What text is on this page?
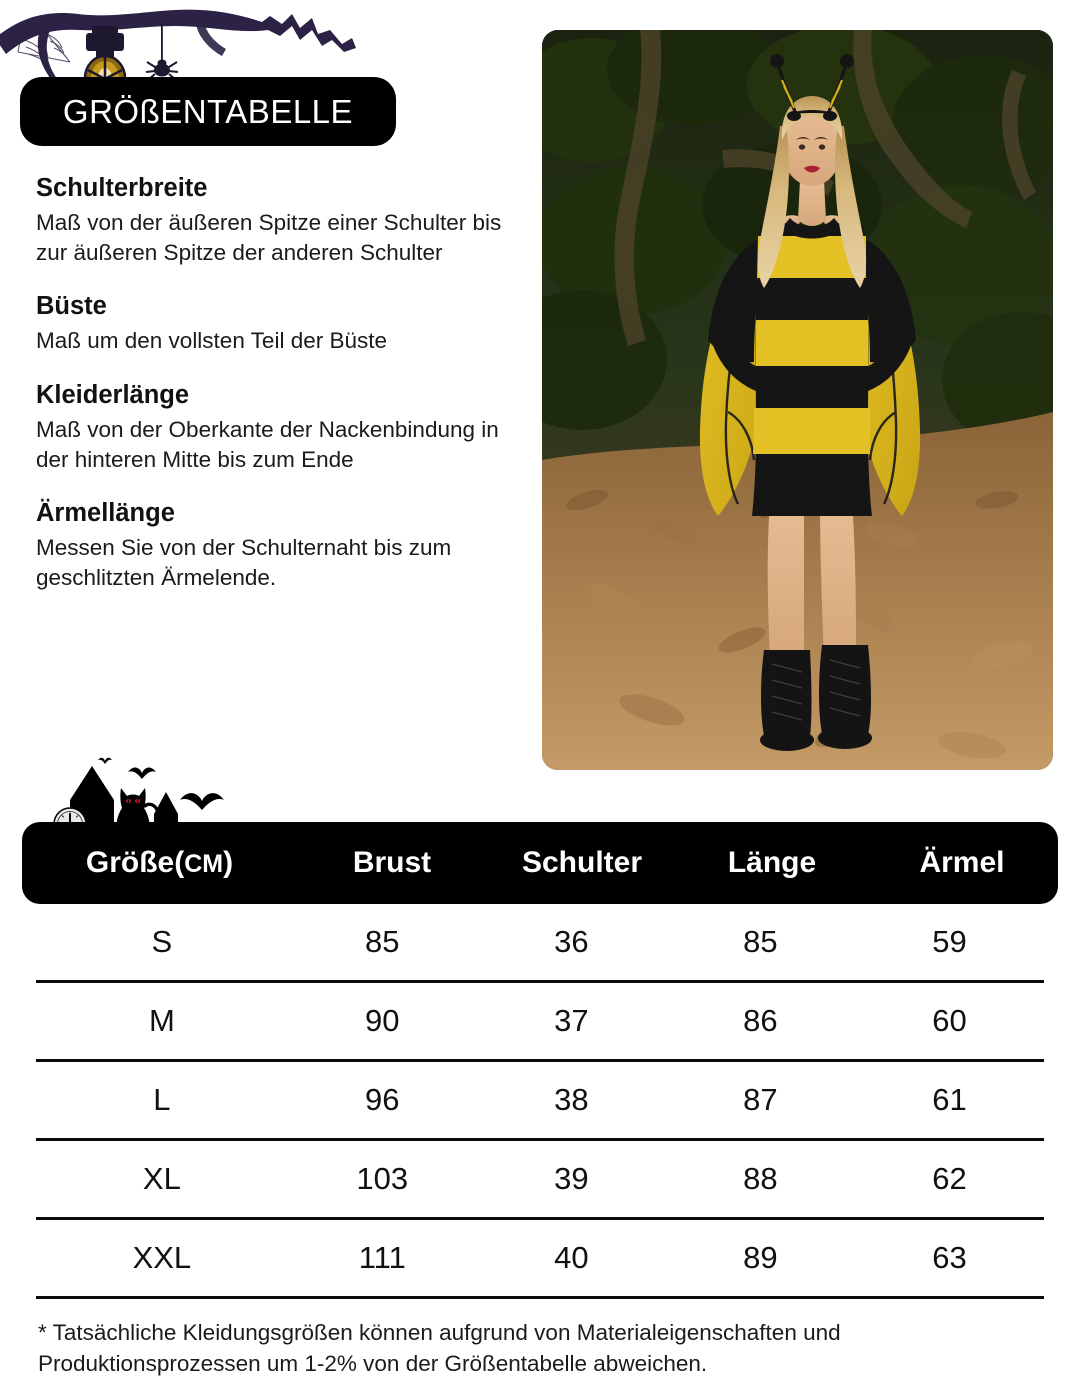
GRÖßENTABELLE
Schulterbreite
Maß von der äußeren Spitze einer Schulter bis zur äußeren Spitze der anderen Schulter
Büste
Maß um den vollsten Teil der Büste
Kleiderlänge
Maß von der Oberkante der Nackenbindung in der hinteren Mitte bis zum Ende
Ärmellänge
Messen Sie von der Schulternaht bis zum geschlitzten Ärmelende.
Größe(CM)	Brust	Schulter	Länge	Ärmel
S	85	36	85	59
M	90	37	86	60
L	96	38	87	61
XL	103	39	88	62
XXL	111	40	89	63
* Tatsächliche Kleidungsgrößen können aufgrund von Materialeigenschaften und Produktionsprozessen um 1-2% von der Größentabelle abweichen.
